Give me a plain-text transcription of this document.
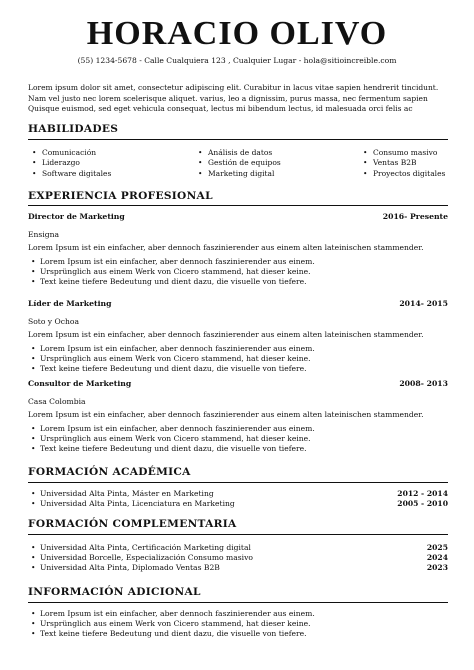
HORACIO OLIVO
(55) 1234-5678 - Calle Cualquiera 123 , Cualquier Lugar - hola@sitioincreible.com
Lorem ipsum dolor sit amet, consectetur adipiscing elit. Curabitur in lacus vitae sapien hendrerit tincidunt. Nam vel justo nec lorem scelerisque aliquet. varius, leo a dignissim, purus massa, nec fermentum sapien Quisque euismod, sed eget vehicula consequat, lectus mi bibendum lectus, id malesuada orci felis ac
HABILIDADES
• Comunicación
• Liderazgo
• Software digitales
• Análisis de datos
• Gestión de equipos
• Marketing digital
• Consumo masivo
• Ventas B2B
• Proyectos digitales
EXPERIENCIA PROFESIONAL
Director de Marketing	2016- Presente
Ensigna
Lorem Ipsum ist ein einfacher, aber dennoch faszinierender aus einem alten lateinischen stammender.
• Lorem Ipsum ist ein einfacher, aber dennoch faszinierender aus einem.
• Ursprünglich aus einem Werk von Cicero stammend, hat dieser keine.
• Text keine tiefere Bedeutung und dient dazu, die visuelle von tiefere.
Líder de Marketing	2014- 2015
Soto y Ochoa
Lorem Ipsum ist ein einfacher, aber dennoch faszinierender aus einem alten lateinischen stammender.
• Lorem Ipsum ist ein einfacher, aber dennoch faszinierender aus einem.
• Ursprünglich aus einem Werk von Cicero stammend, hat dieser keine.
• Text keine tiefere Bedeutung und dient dazu, die visuelle von tiefere.
Consultor de Marketing	2008- 2013
Casa Colombia
Lorem Ipsum ist ein einfacher, aber dennoch faszinierender aus einem alten lateinischen stammender.
• Lorem Ipsum ist ein einfacher, aber dennoch faszinierender aus einem.
• Ursprünglich aus einem Werk von Cicero stammend, hat dieser keine.
• Text keine tiefere Bedeutung und dient dazu, die visuelle von tiefere.
FORMACIÓN ACADÉMICA
• Universidad Alta Pinta, Máster en Marketing	2012 - 2014
• Universidad Alta Pinta, Licenciatura en Marketing	2005 - 2010
FORMACIÓN COMPLEMENTARIA
• Universidad Alta Pinta, Certificación Marketing digital	2025
• Universidad Borcelle, Especialización Consumo masivo	2024
• Universidad Alta Pinta, Diplomado Ventas B2B	2023
INFORMACIÓN ADICIONAL
• Lorem Ipsum ist ein einfacher, aber dennoch faszinierender aus einem.
• Ursprünglich aus einem Werk von Cicero stammend, hat dieser keine.
• Text keine tiefere Bedeutung und dient dazu, die visuelle von tiefere.
